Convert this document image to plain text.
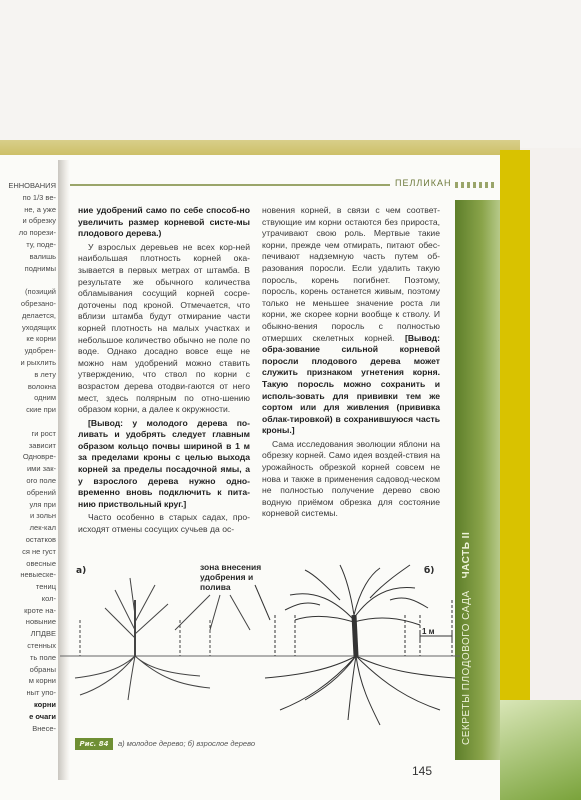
ЕННОВАНИЯ
по 1/3 ве-
не, а уже
и обрезку
ло порези-
ту, поде-
валишь
поднимы

(позиций
обрезано-
делается,
уходящих
ке корни
удобрен-
и рыхлить
в лету
волокна
одним
ские при

ги рост
зависит
Одновре-
ими зак-
ого поле
обрений
уля при
и зольн
лек-кал
остатков
ся не густ
овесные
невыеске-
тениц
кол-
кроте на-
новыние
ЛПДВЕ
стенных
ть поле
обраны
м корни
ныт упо-
корни
е очаги
Внесе-
ПЕЛЛИКАН
СЕКРЕТЫ ПЛОДОВОГО САДАЧАСТЬ II

ние удобрений само по себе способ-но увеличить размер корневой систе-мы плодового дерева.)

У взрослых деревьев не всех кор-ней наибольшая плотность корней ока-зывается в первых метрах от штамба. В результате же обычного количества обламывания сосущий корней сосре-доточены под кроной. Отмечается, что вблизи штамба будут отмирание части корней плотность на малых участках и небольшое количество обычно не поле по воде. Однако досадно вовсе еще не можно нам удобрений можно ставить утверждению, что ствол по корни с возрастом дерева отодви-гаются от него мест, здесь полярным по отно-шению образом корни, а далее к окружности.

[Вывод: у молодого дерева по-ливать и удобрять следует главным образом кольцо почвы шириной в 1 м за пределами кроны с целью выхода корней за пределы посадочной ямы, а у взрослого дерева нужно одно-временно вновь подключить к пита-нию приствольный круг.]

Часто особенно в старых садах, про-исходят отмены сосущих сучьев да ос-

новения корней, в связи с чем соответ-ствующие им корни остаются без прироста, утрачивают свою роль. Мертвые такие корни, прежде чем отмирать, питают обес-печивают надземную часть путем об-разования поросли. Если удалить такую поросль, корень погибнет. Поэтому, поросль, корень останется живым, поэтому только не меньшее значение роста ли корни, же скорее корни вообще к стволу. И обыкно-вения поросль с полностью отмерших скелетных корней. [Вывод: обра-зование сильной корневой поросли плодового дерева может служить признаком угнетения корня. Такую поросль можно сохранить и исполь-зовать для прививки тем же сортом или для живления (прививка облак-тировкой) в сохранившуюся часть кроны.]

Сама исследования эволюции яблони на обрезку корней. Само идея воздей-ствия на урожайность обрезкой корней совсем не нова и также в применения садовод-ческом не полностью получение дерево свою водную приёмом обрезка для состояние корневой системы.

а)	б)
зона внесения удобрения и полива
1 м
Рис. 84	а) молодое дерево; б) взрослое дерево
145
